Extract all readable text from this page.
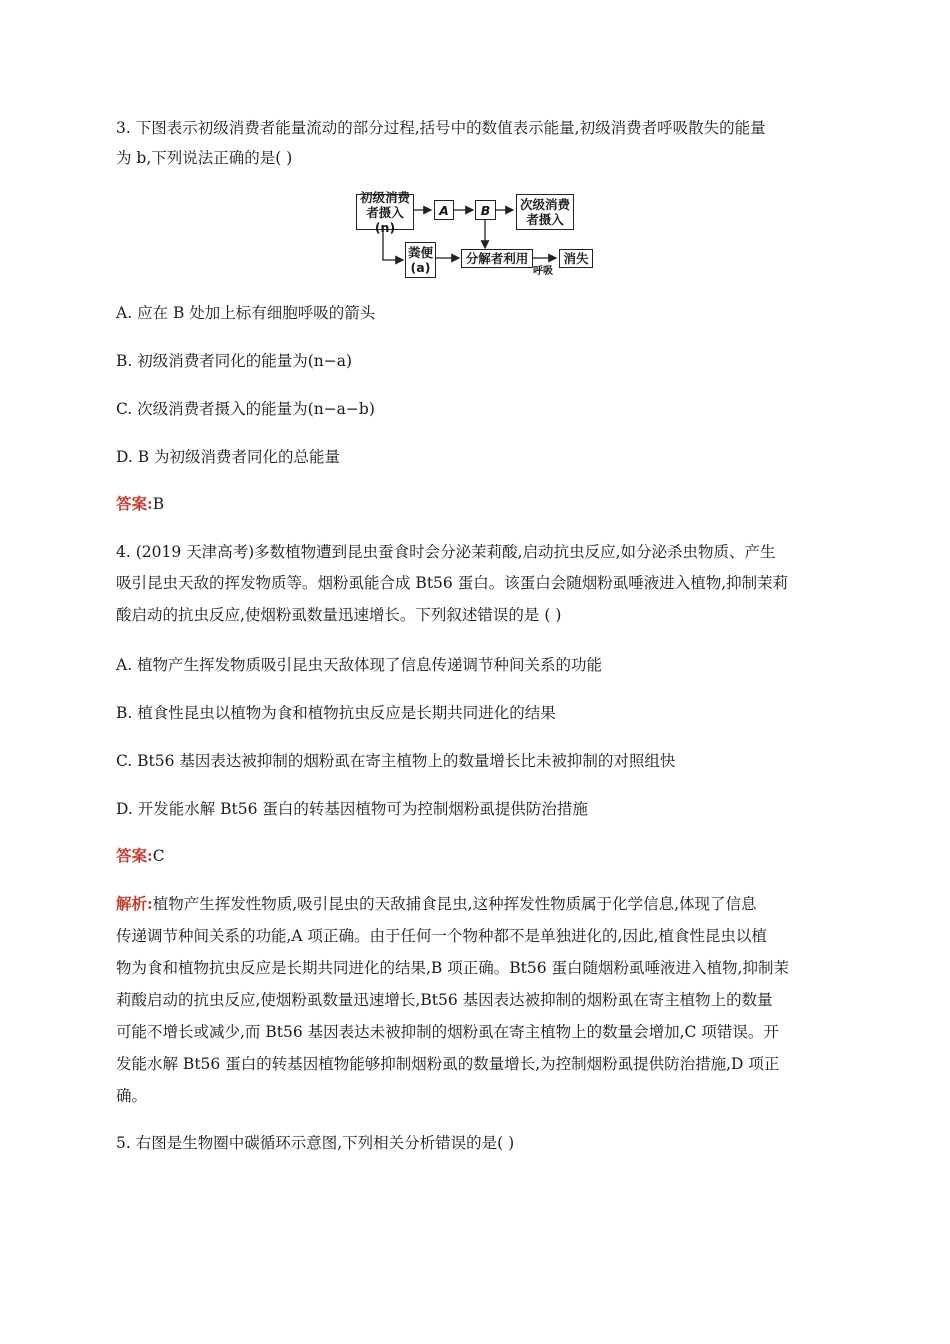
3. 下图表示初级消费者能量流动的部分过程,括号中的数值表示能量,初级消费者呼吸散失的能量
为 b,下列说法正确的是( )
初级消费
者摄入(n)
A	B	次级消费
者摄入
粪便
(a)
分解者利用
呼吸
消失
A. 应在 B 处加上标有细胞呼吸的箭头
B. 初级消费者同化的能量为(n−a)
C. 次级消费者摄入的能量为(n−a−b)
D. B 为初级消费者同化的总能量
答案:B
4. (2019 天津高考)多数植物遭到昆虫蚕食时会分泌茉莉酸,启动抗虫反应,如分泌杀虫物质、产生
吸引昆虫天敌的挥发物质等。烟粉虱能合成 Bt56 蛋白。该蛋白会随烟粉虱唾液进入植物,抑制茉莉
酸启动的抗虫反应,使烟粉虱数量迅速增长。下列叙述错误的是 ( )
A. 植物产生挥发物质吸引昆虫天敌体现了信息传递调节种间关系的功能
B. 植食性昆虫以植物为食和植物抗虫反应是长期共同进化的结果
C. Bt56 基因表达被抑制的烟粉虱在寄主植物上的数量增长比未被抑制的对照组快
D. 开发能水解 Bt56 蛋白的转基因植物可为控制烟粉虱提供防治措施
答案:C
解析:植物产生挥发性物质,吸引昆虫的天敌捕食昆虫,这种挥发性物质属于化学信息,体现了信息
传递调节种间关系的功能,A 项正确。由于任何一个物种都不是单独进化的,因此,植食性昆虫以植
物为食和植物抗虫反应是长期共同进化的结果,B 项正确。Bt56 蛋白随烟粉虱唾液进入植物,抑制茉
莉酸启动的抗虫反应,使烟粉虱数量迅速增长,Bt56 基因表达被抑制的烟粉虱在寄主植物上的数量
可能不增长或减少,而 Bt56 基因表达未被抑制的烟粉虱在寄主植物上的数量会增加,C 项错误。开
发能水解 Bt56 蛋白的转基因植物能够抑制烟粉虱的数量增长,为控制烟粉虱提供防治措施,D 项正
确。
5. 右图是生物圈中碳循环示意图,下列相关分析错误的是( )
